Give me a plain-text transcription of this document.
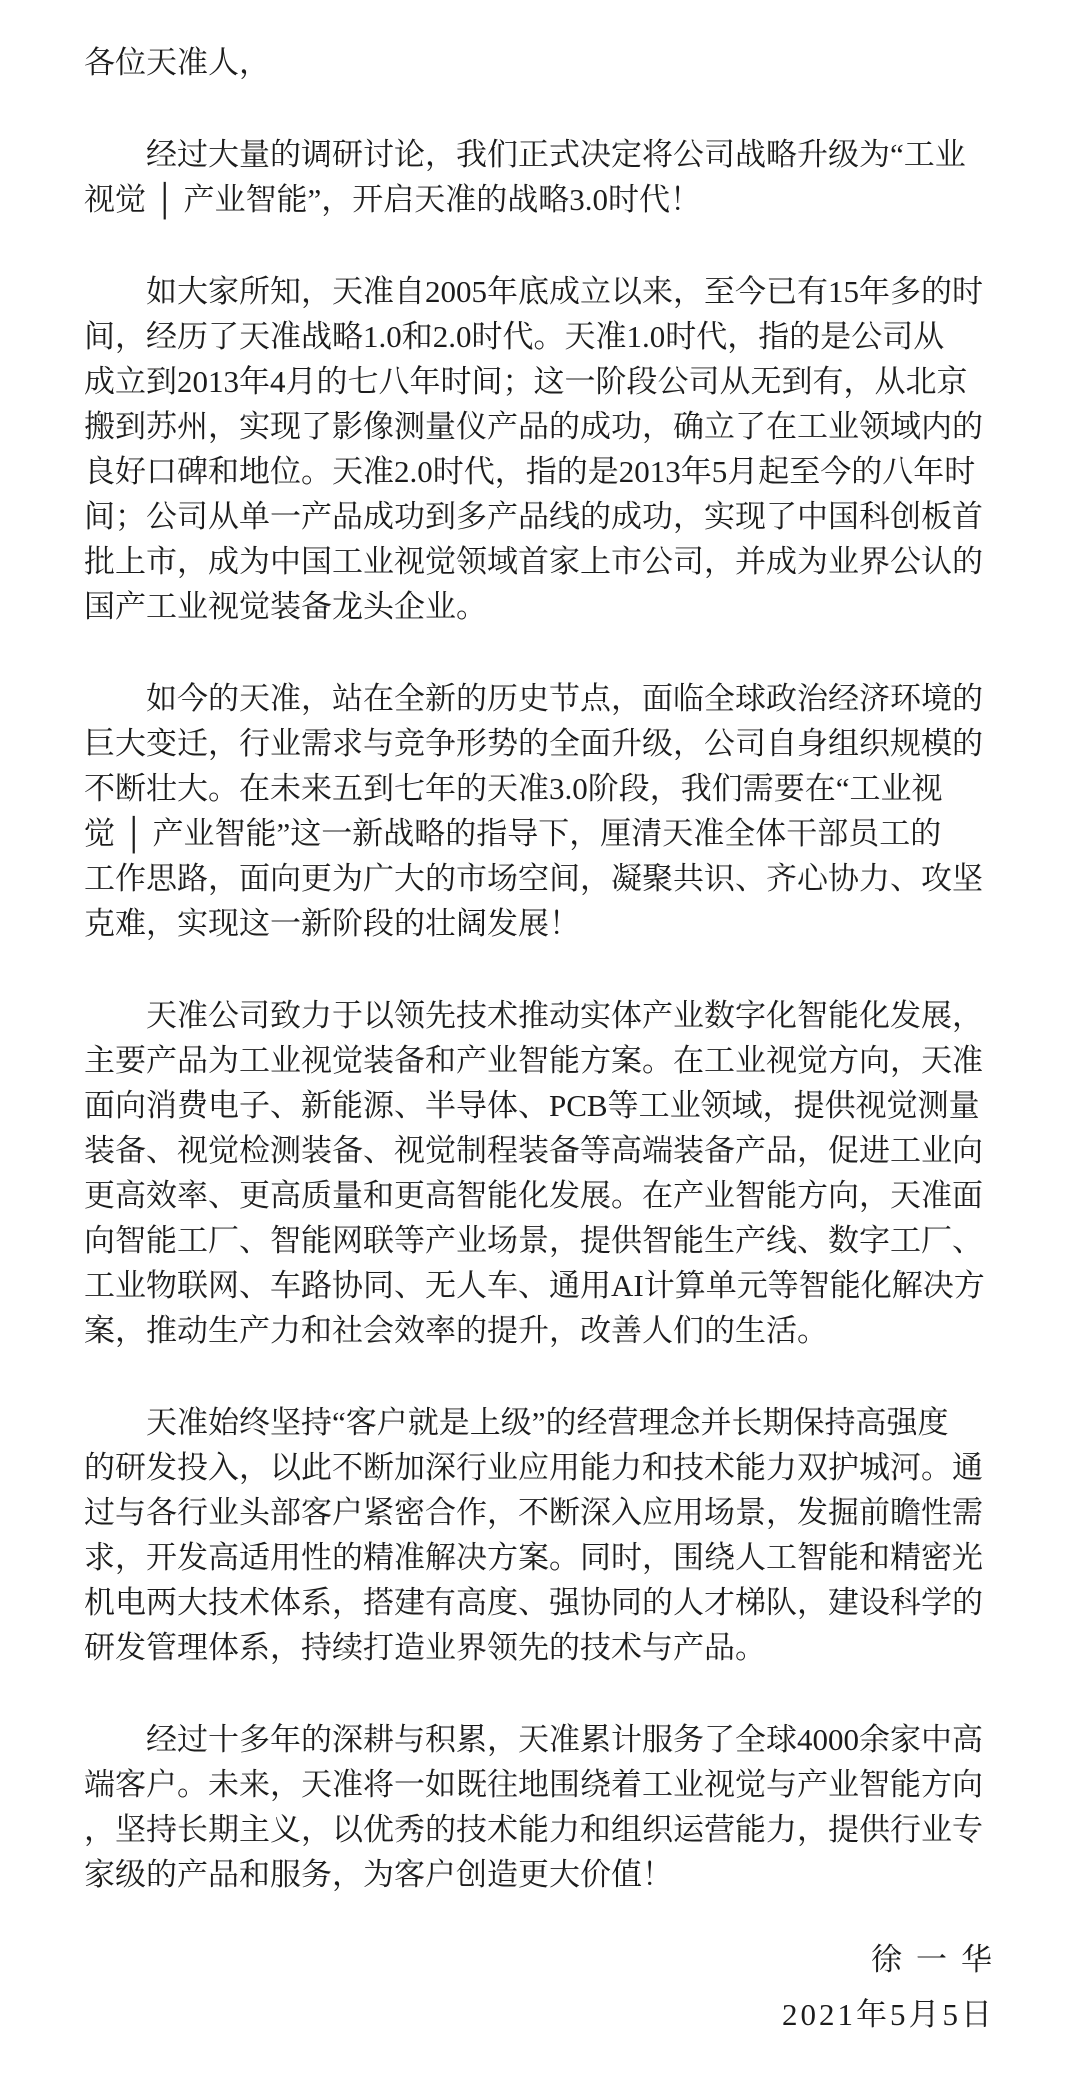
各位天准人，
经过大量的调研讨论，我们正式决定将公司战略升级为“工业
视觉 │ 产业智能”，开启天准的战略3.0时代！
如大家所知，天准自2005年底成立以来，至今已有15年多的时
间，经历了天准战略1.0和2.0时代。天准1.0时代，指的是公司从
成立到2013年4月的七八年时间；这一阶段公司从无到有，从北京
搬到苏州，实现了影像测量仪产品的成功，确立了在工业领域内的
良好口碑和地位。天准2.0时代，指的是2013年5月起至今的八年时
间；公司从单一产品成功到多产品线的成功，实现了中国科创板首
批上市，成为中国工业视觉领域首家上市公司，并成为业界公认的
国产工业视觉装备龙头企业。
如今的天准，站在全新的历史节点，面临全球政治经济环境的
巨大变迁，行业需求与竞争形势的全面升级，公司自身组织规模的
不断壮大。在未来五到七年的天准3.0阶段，我们需要在“工业视
觉 │ 产业智能”这一新战略的指导下，厘清天准全体干部员工的
工作思路，面向更为广大的市场空间，凝聚共识、齐心协力、攻坚
克难，实现这一新阶段的壮阔发展！
天准公司致力于以领先技术推动实体产业数字化智能化发展，
主要产品为工业视觉装备和产业智能方案。在工业视觉方向，天准
面向消费电子、新能源、半导体、PCB等工业领域，提供视觉测量
装备、视觉检测装备、视觉制程装备等高端装备产品，促进工业向
更高效率、更高质量和更高智能化发展。在产业智能方向，天准面
向智能工厂、智能网联等产业场景，提供智能生产线、数字工厂、
工业物联网、车路协同、无人车、通用AI计算单元等智能化解决方
案，推动生产力和社会效率的提升，改善人们的生活。
天准始终坚持“客户就是上级”的经营理念并长期保持高强度
的研发投入，以此不断加深行业应用能力和技术能力双护城河。通
过与各行业头部客户紧密合作，不断深入应用场景，发掘前瞻性需
求，开发高适用性的精准解决方案。同时，围绕人工智能和精密光
机电两大技术体系，搭建有高度、强协同的人才梯队，建设科学的
研发管理体系，持续打造业界领先的技术与产品。
经过十多年的深耕与积累，天准累计服务了全球4000余家中高
端客户。未来，天准将一如既往地围绕着工业视觉与产业智能方向
，坚持长期主义，以优秀的技术能力和组织运营能力，提供行业专
家级的产品和服务，为客户创造更大价值！
徐一华
2021年5月5日
